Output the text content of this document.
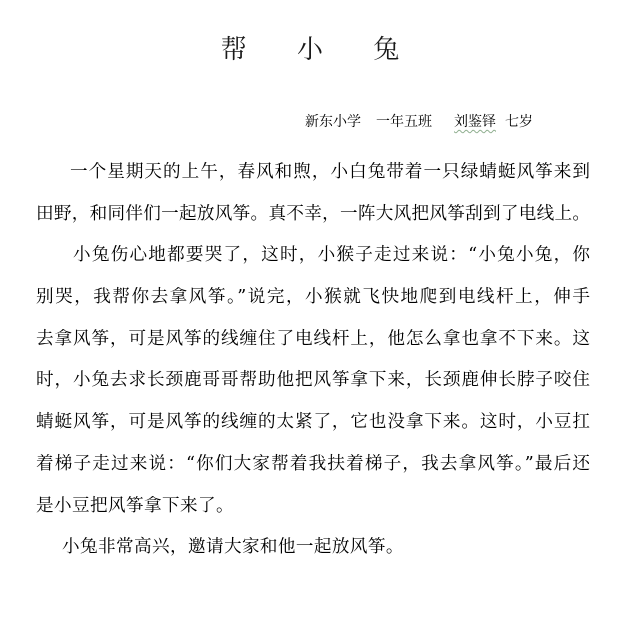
帮 小 兔
新东小学 一年五班 刘鉴铎 七岁
一个星期天的上午，春风和煦，小白兔带着一只绿蜻蜓风筝来到
田野，和同伴们一起放风筝。真不幸，一阵大风把风筝刮到了电线上。
小兔伤心地都要哭了，这时，小猴子走过来说：“小兔小兔，你
别哭，我帮你去拿风筝。”说完，小猴就飞快地爬到电线杆上，伸手
去拿风筝，可是风筝的线缠住了电线杆上，他怎么拿也拿不下来。这
时，小兔去求长颈鹿哥哥帮助他把风筝拿下来，长颈鹿伸长脖子咬住
蜻蜓风筝，可是风筝的线缠的太紧了，它也没拿下来。这时，小豆扛
着梯子走过来说：“你们大家帮着我扶着梯子，我去拿风筝。”最后还
是小豆把风筝拿下来了。
小兔非常高兴，邀请大家和他一起放风筝。
